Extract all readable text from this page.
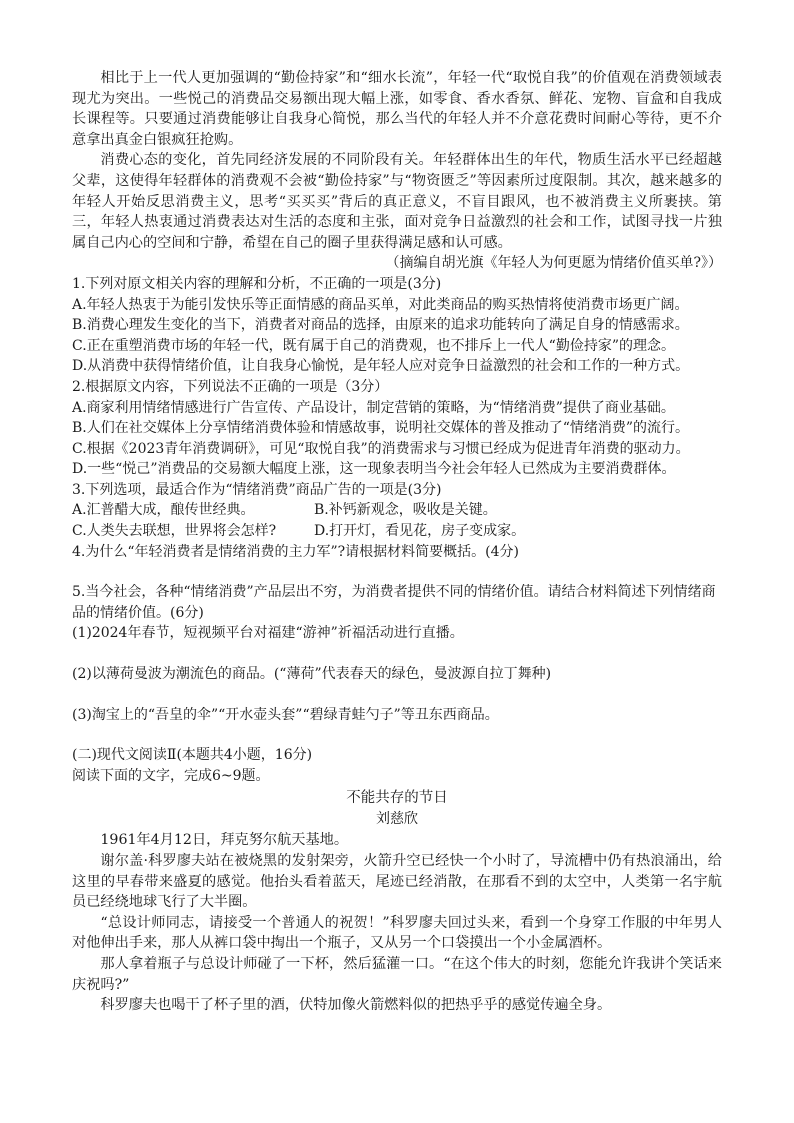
相比于上一代人更加强调的“勤俭持家”和“细水长流”，年轻一代“取悦自我”的价值观在消费领域表现尤为突出。一些悦己的消费品交易额出现大幅上涨，如零食、香水香氛、鲜花、宠物、盲盒和自我成长课程等。只要通过消费能够让自我身心简悦，那么当代的年轻人并不介意花费时间耐心等待，更不介意拿出真金白银疯狂抢购。

消费心态的变化，首先同经济发展的不同阶段有关。年轻群体出生的年代，物质生活水平已经超越父辈，这使得年轻群体的消费观不会被“勤俭持家”与“物资匮乏”等因素所过度限制。其次，越来越多的年轻人开始反思消费主义，思考“买买买”背后的真正意义，不盲目跟风，也不被消费主义所裹挟。第三，年轻人热衷通过消费表达对生活的态度和主张，面对竞争日益激烈的社会和工作，试图寻找一片独属自己内心的空间和宁静，希望在自己的圈子里获得满足感和认可感。

（摘编自胡光旗《年轻人为何更愿为情绪价值买单?》）

1.下列对原文相关内容的理解和分析，不正确的一项是(3分)

A.年轻人热衷于为能引发快乐等正面情感的商品买单，对此类商品的购买热情将使消费市场更广阔。

B.消费心理发生变化的当下，消费者对商品的选择，由原来的追求功能转向了满足自身的情感需求。

C.正在重塑消费市场的年轻一代，既有属于自己的消费观，也不排斥上一代人“勤俭持家”的理念。

D.从消费中获得情绪价值，让自我身心愉悦，是年轻人应对竞争日益激烈的社会和工作的一种方式。

2.根据原文内容，下列说法不正确的一项是（3分）

A.商家利用情绪情感进行广告宣传、产品设计，制定营销的策略，为“情绪消费”提供了商业基础。

B.人们在社交媒体上分享情绪消费体验和情感故事，说明社交媒体的普及推动了“情绪消费”的流行。

C.根据《2023青年消费调研》，可见“取悦自我”的消费需求与习惯已经成为促进青年消费的驱动力。

D.一些“悦己”消费品的交易额大幅度上涨，这一现象表明当今社会年轻人已然成为主要消费群体。

3.下列选项，最适合作为“情绪消费”商品广告的一项是(3分)

A.汇普醋大成，酿传世经典。	B.补钙新观念，吸收是关键。
C.人类失去联想，世界将会怎样?	D.打开灯，看见花，房子变成家。

4.为什么“年轻消费者是情绪消费的主力军”?请根据材料简要概括。(4分)

5.当今社会，各种“情绪消费”产品层出不穷，为消费者提供不同的情绪价值。请结合材料简述下列情绪商品的情绪价值。(6分)

(1)2024年春节，短视频平台对福建“游神”祈福活动进行直播。

(2)以薄荷曼波为潮流色的商品。(“薄荷”代表春天的绿色，曼波源自拉丁舞种)

(3)淘宝上的“吾皇的伞”“开水壶头套”“碧绿青蛙勺子”等丑东西商品。

(二)现代文阅读Ⅱ(本题共4小题，16分)

阅读下面的文字，完成6~9题。

不能共存的节日

刘慈欣

1961年4月12日，拜克努尔航天基地。

谢尔盖·科罗廖夫站在被烧黑的发射架旁，火箭升空已经快一个小时了，导流槽中仍有热浪涌出，给这里的早春带来盛夏的感觉。他抬头看着蓝天，尾迹已经消散，在那看不到的太空中，人类第一名宇航员已经绕地球飞行了大半圈。

“总设计师同志，请接受一个普通人的祝贺！”科罗廖夫回过头来，看到一个身穿工作服的中年男人对他伸出手来，那人从裤口袋中掏出一个瓶子，又从另一个口袋摸出一个小金属酒杯。

那人拿着瓶子与总设计师碰了一下杯，然后猛灌一口。“在这个伟大的时刻，您能允许我讲个笑话来庆祝吗?”

科罗廖夫也喝干了杯子里的酒，伏特加像火箭燃料似的把热乎乎的感觉传遍全身。
